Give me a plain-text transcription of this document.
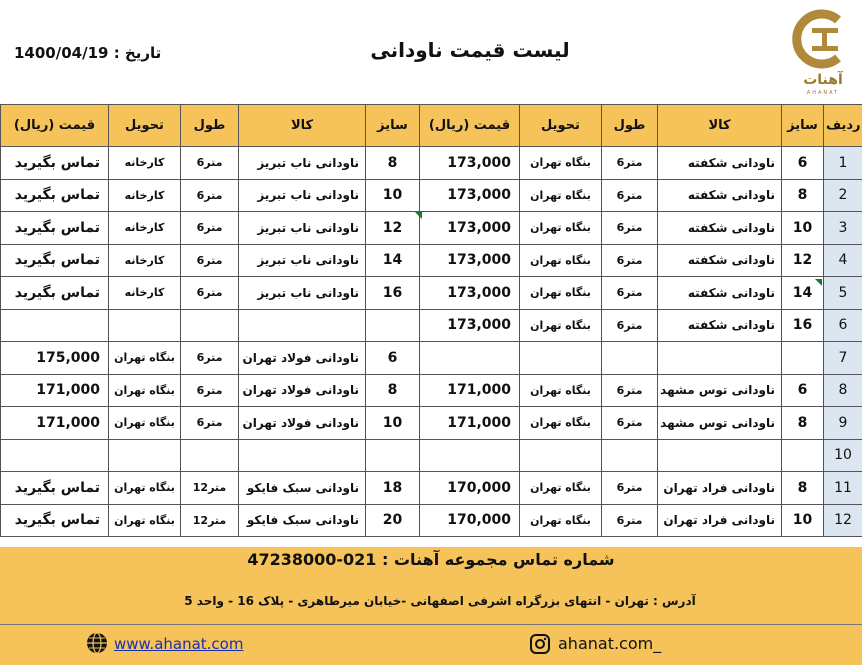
تاریخ : 1400/04/19	لیست قیمت ناودانی
آهنات
AHANAT
قیمت (ریال)	تحویل	طول	کالا	سایز	قیمت (ریال)	تحویل	طول	کالا	سایز	ردیف
تماس بگیرید	کارخانه	6متر	ناودانی ناب تبریز	8	173,000	بنگاه تهران	6متر	ناودانی شکفته	6	1
تماس بگیرید	کارخانه	6متر	ناودانی ناب تبریز	10	173,000	بنگاه تهران	6متر	ناودانی شکفته	8	2
تماس بگیرید	کارخانه	6متر	ناودانی ناب تبریز	12	173,000	بنگاه تهران	6متر	ناودانی شکفته	10	3
تماس بگیرید	کارخانه	6متر	ناودانی ناب تبریز	14	173,000	بنگاه تهران	6متر	ناودانی شکفته	12	4
تماس بگیرید	کارخانه	6متر	ناودانی ناب تبریز	16	173,000	بنگاه تهران	6متر	ناودانی شکفته	14	5
					173,000	بنگاه تهران	6متر	ناودانی شکفته	16	6
175,000	بنگاه تهران	6متر	ناودانی فولاد تهران	6						7
171,000	بنگاه تهران	6متر	ناودانی فولاد تهران	8	171,000	بنگاه تهران	6متر	ناودانی توس مشهد	6	8
171,000	بنگاه تهران	6متر	ناودانی فولاد تهران	10	171,000	بنگاه تهران	6متر	ناودانی توس مشهد	8	9
										10
تماس بگیرید	بنگاه تهران	12متر	ناودانی سبک فایکو	18	170,000	بنگاه تهران	6متر	ناودانی فراد تهران	8	11
تماس بگیرید	بنگاه تهران	12متر	ناودانی سبک فایکو	20	170,000	بنگاه تهران	6متر	ناودانی فراد تهران	10	12
شماره تماس مجموعه آهنات : 021-47238000
آدرس : تهران - انتهای بزرگراه اشرفی اصفهانی -خیابان میرطاهری - پلاک 16 - واحد 5
www.ahanat.com	ahanat.com_
